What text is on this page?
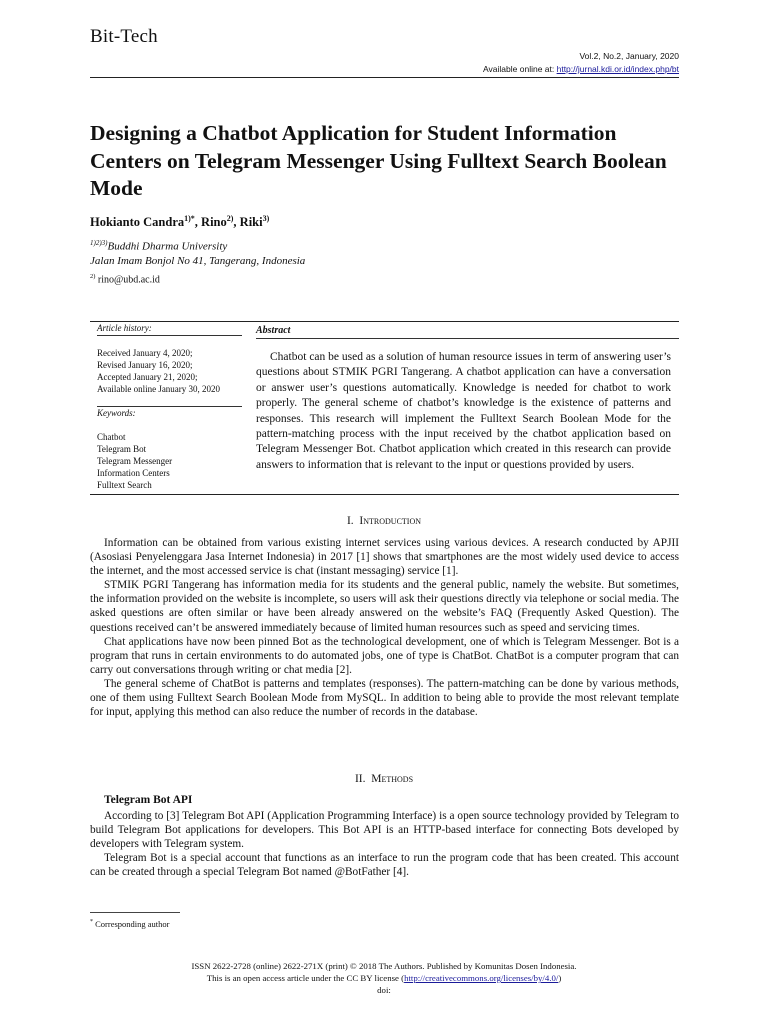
Bit-Tech
Vol.2, No.2, January, 2020
Available online at: http://jurnal.kdi.or.id/index.php/bt
Designing a Chatbot Application for Student Information Centers on Telegram Messenger Using Fulltext Search Boolean Mode
Hokianto Candra$^{1)*}$, Rino$^{2)}$, Riki$^{3)}$
$^{1)2)3)}$Buddhi Dharma University
Jalan Imam Bonjol No 41, Tangerang, Indonesia
$^{2)}$ rino@ubd.ac.id
Article history:
Received January 4, 2020;
Revised January 16, 2020;
Accepted January 21, 2020;
Available online January 30, 2020
Keywords:
Chatbot
Telegram Bot
Telegram Messenger
Information Centers
Fulltext Search
Abstract
Chatbot can be used as a solution of human resource issues in term of answering user’s questions about STMIK PGRI Tangerang. A chatbot application can have a conversation or answer user’s questions automatically. Knowledge is needed for chatbot to work properly. The general scheme of chatbot’s knowledge is the existence of patterns and responses. This research will implement the Fulltext Search Boolean Mode for the pattern-matching process with the input received by the chatbot application based on Telegram Messenger Bot. Chatbot application which created in this research can provide answers to information that is relevant to the input or questions provided by users.
I. Introduction

Information can be obtained from various existing internet services using various devices. A research conducted by APJII (Asosiasi Penyelenggara Jasa Internet Indonesia) in 2017 [1] shows that smartphones are the most widely used device to access the internet, and the most accessed service is chat (instant messaging) service [1].

STMIK PGRI Tangerang has information media for its students and the general public, namely the website. But sometimes, the information provided on the website is incomplete, so users will ask their questions directly via telephone or social media. The asked questions are often similar or have been already answered on the website’s FAQ (Frequently Asked Question). The questions received can’t be answered immediately because of limited human resources such as speed and servicing times.

Chat applications have now been pinned Bot as the technological development, one of which is Telegram Messenger. Bot is a program that runs in certain environments to do automated jobs, one of type is ChatBot. ChatBot is a computer program that can carry out conversations through writing or chat media [2].

The general scheme of ChatBot is patterns and templates (responses). The pattern-matching can be done by various methods, one of them using Fulltext Search Boolean Mode from MySQL. In addition to being able to provide the most relevant template for input, applying this method can also reduce the number of records in the database.

II. Methods
Telegram Bot API

According to [3] Telegram Bot API (Application Programming Interface) is a open source technology provided by Telegram to build Telegram Bot applications for developers. This Bot API is an HTTP-based interface for connecting Bots developed by developers with Telegram system.

Telegram Bot is a special account that functions as an interface to run the program code that has been created. This account can be created through a special Telegram Bot named @BotFather [4].

* Corresponding author
ISSN 2622-2728 (online) 2622-271X (print) © 2018 The Authors. Published by Komunitas Dosen Indonesia.
This is an open access article under the CC BY license (http://creativecommons.org/licenses/by/4.0/)
doi:
